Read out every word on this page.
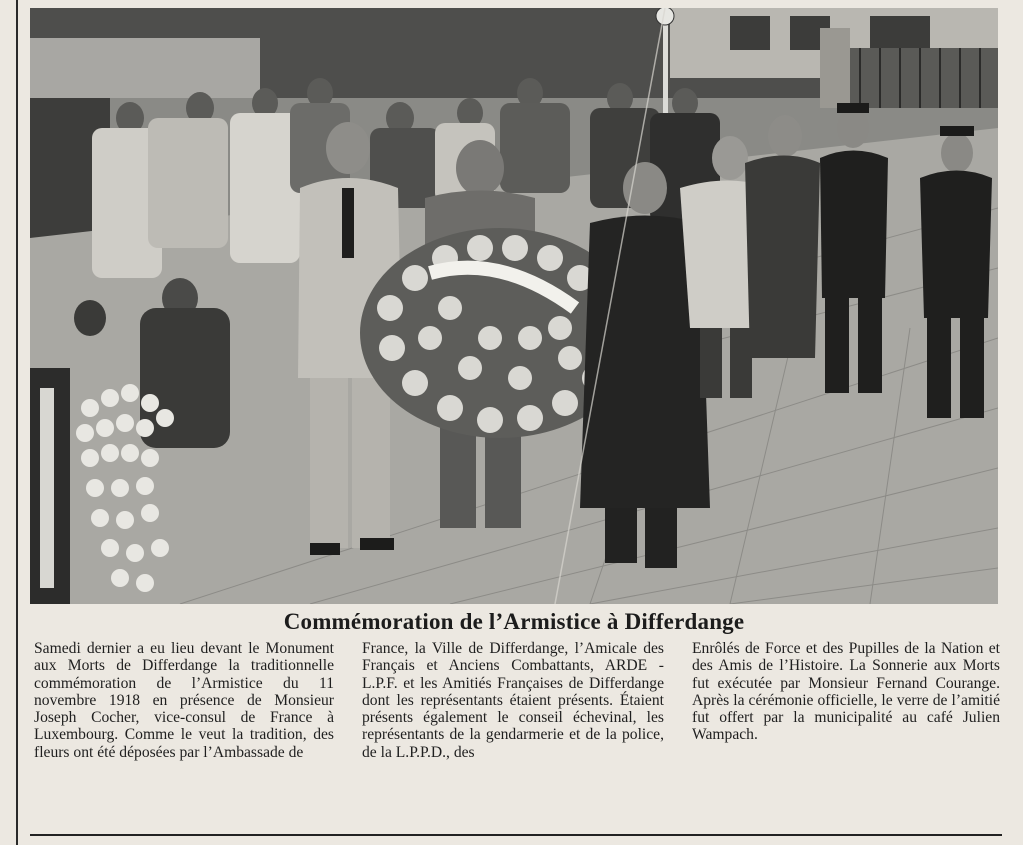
Commémoration de l’Armistice à Differdange
Samedi dernier a eu lieu devant le Monument aux Morts de Differdange la traditionnelle commémoration de l’Armistice du 11 novembre 1918 en présence de Monsieur Joseph Cocher, vice-consul de France à Luxembourg. Comme le veut la tradition, des fleurs ont été déposées par l’Ambassade de
France, la Ville de Differdange, l’Amicale des Français et Anciens Combattants, ARDE - L.P.F. et les Amitiés Françaises de Differdange dont les représentants étaient présents. Étaient présents également le conseil échevinal, les représentants de la gendarmerie et de la police, de la L.P.P.D., des
Enrôlés de Force et des Pupilles de la Nation et des Amis de l’Histoire. La Sonnerie aux Morts fut exécutée par Monsieur Fernand Courange. Après la cérémonie officielle, le verre de l’amitié fut offert par la municipalité au café Julien Wampach.
